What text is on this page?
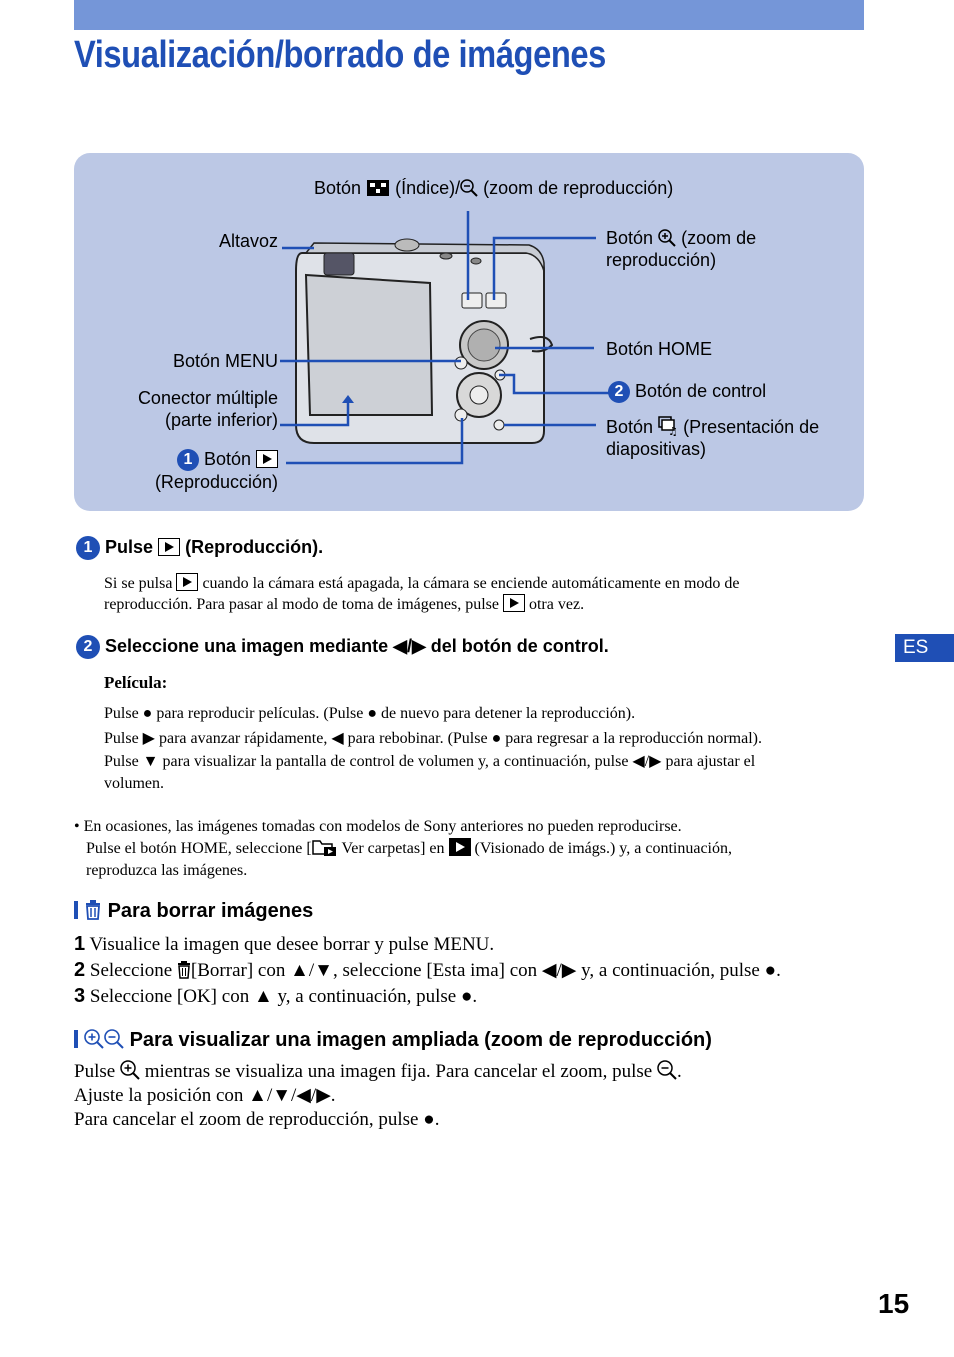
Visualización/borrado de imágenes
Botón (Índice)/ (zoom de reproducción)
Altavoz	Botón (zoom de
reproducción)
Botón MENU
Botón HOME
2 Botón de control
Conector múltiple
(parte inferior)	Botón ♫ (Presentación de
diapositivas)
1 Botón
(Reproducción)
1 Pulse (Reproducción).
Si se pulsa cuando la cámara está apagada, la cámara se enciende automáticamente en modo de
reproducción. Para pasar al modo de toma de imágenes, pulse otra vez.
2 Seleccione una imagen mediante ◀/▶ del botón de control.
Película:
Pulse ● para reproducir películas. (Pulse ● de nuevo para detener la reproducción).
Pulse ▶ para avanzar rápidamente, ◀ para rebobinar. (Pulse ● para regresar a la reproducción normal).
Pulse ▼ para visualizar la pantalla de control de volumen y, a continuación, pulse ◀/▶ para ajustar el
volumen.
• En ocasiones, las imágenes tomadas con modelos de Sony anteriores no pueden reproducirse.
Pulse el botón HOME, seleccione [ Ver carpetas] en (Visionado de imágs.) y, a continuación,
reproduzca las imágenes.
Para borrar imágenes
1 Visualice la imagen que desee borrar y pulse MENU.
2 Seleccione [Borrar] con ▲/▼, seleccione [Esta ima] con ◀/▶ y, a continuación, pulse ●.
3 Seleccione [OK] con ▲ y, a continuación, pulse ●.
Para visualizar una imagen ampliada (zoom de reproducción)
Pulse mientras se visualiza una imagen fija. Para cancelar el zoom, pulse .
Ajuste la posición con ▲/▼/◀/▶.
Para cancelar el zoom de reproducción, pulse ●.
ES
15
